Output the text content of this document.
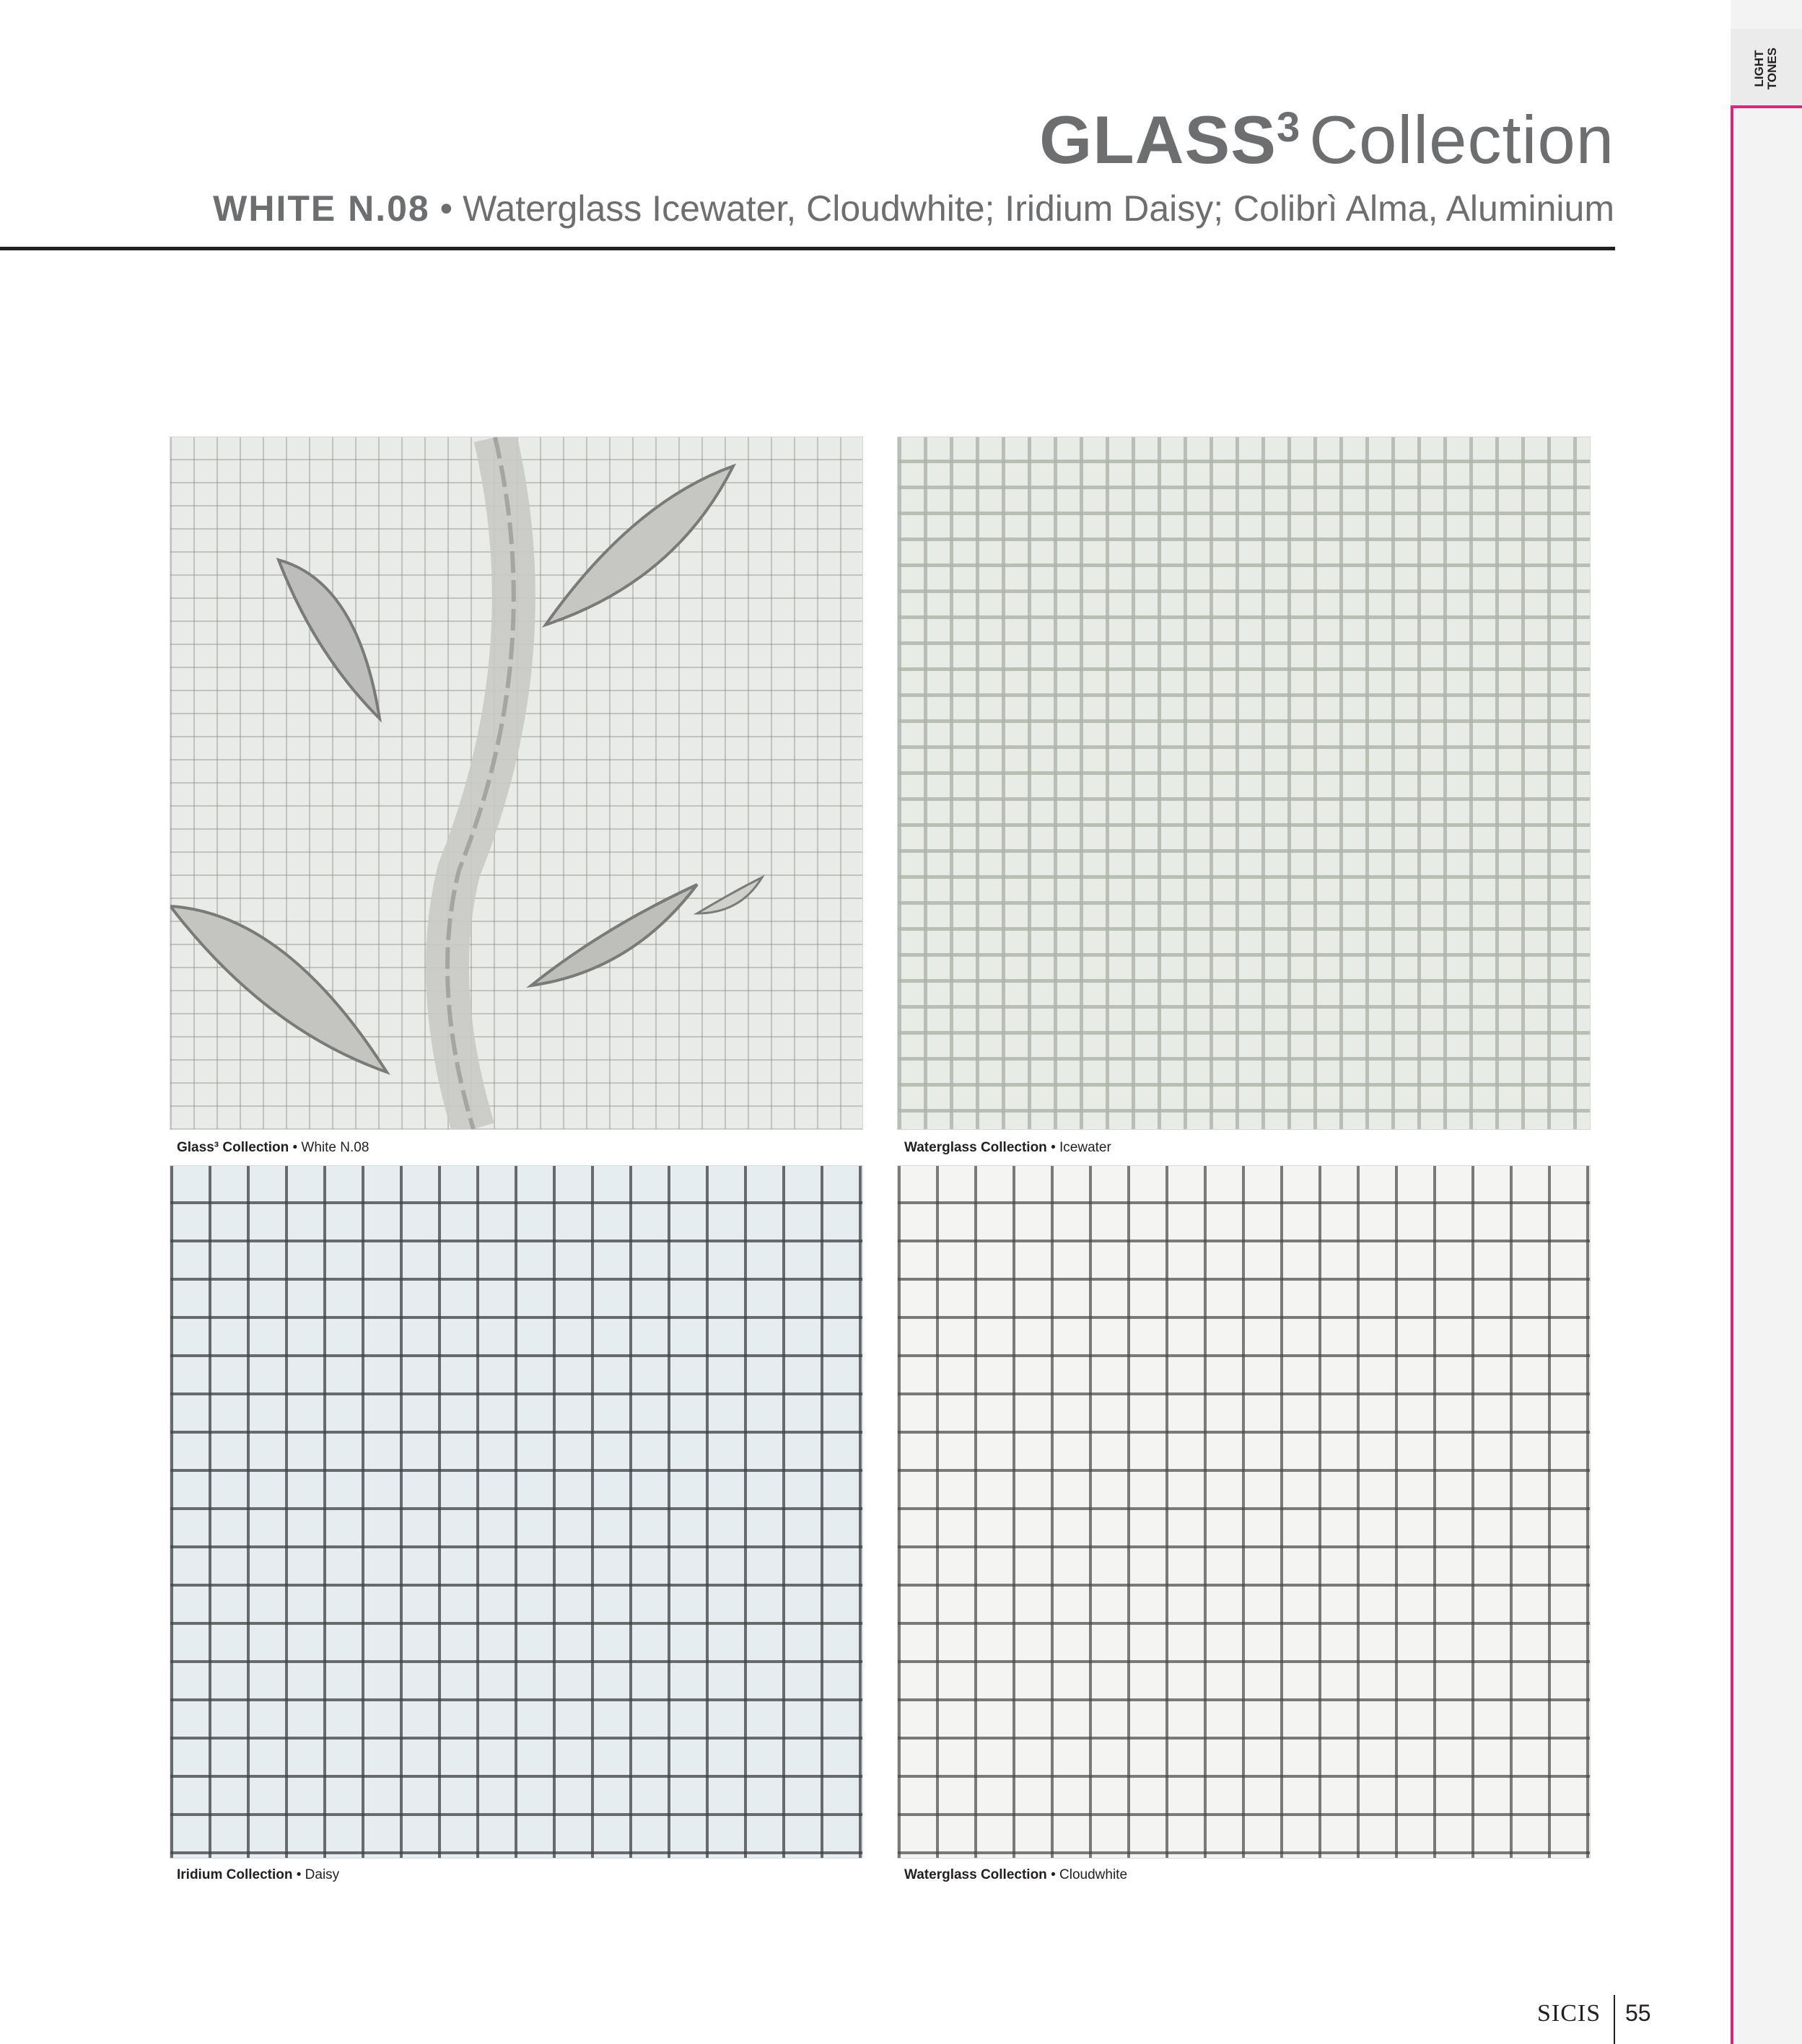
LIGHT
TONES
GLASS$^3$ Collection
WHITE N.08 • Waterglass Icewater, Cloudwhite; Iridium Daisy; Colibrì Alma, Aluminium
Glass³ Collection • White N.08	Waterglass Collection • Icewater
Iridium Collection • Daisy	Waterglass Collection • Cloudwhite
SICIS 55
